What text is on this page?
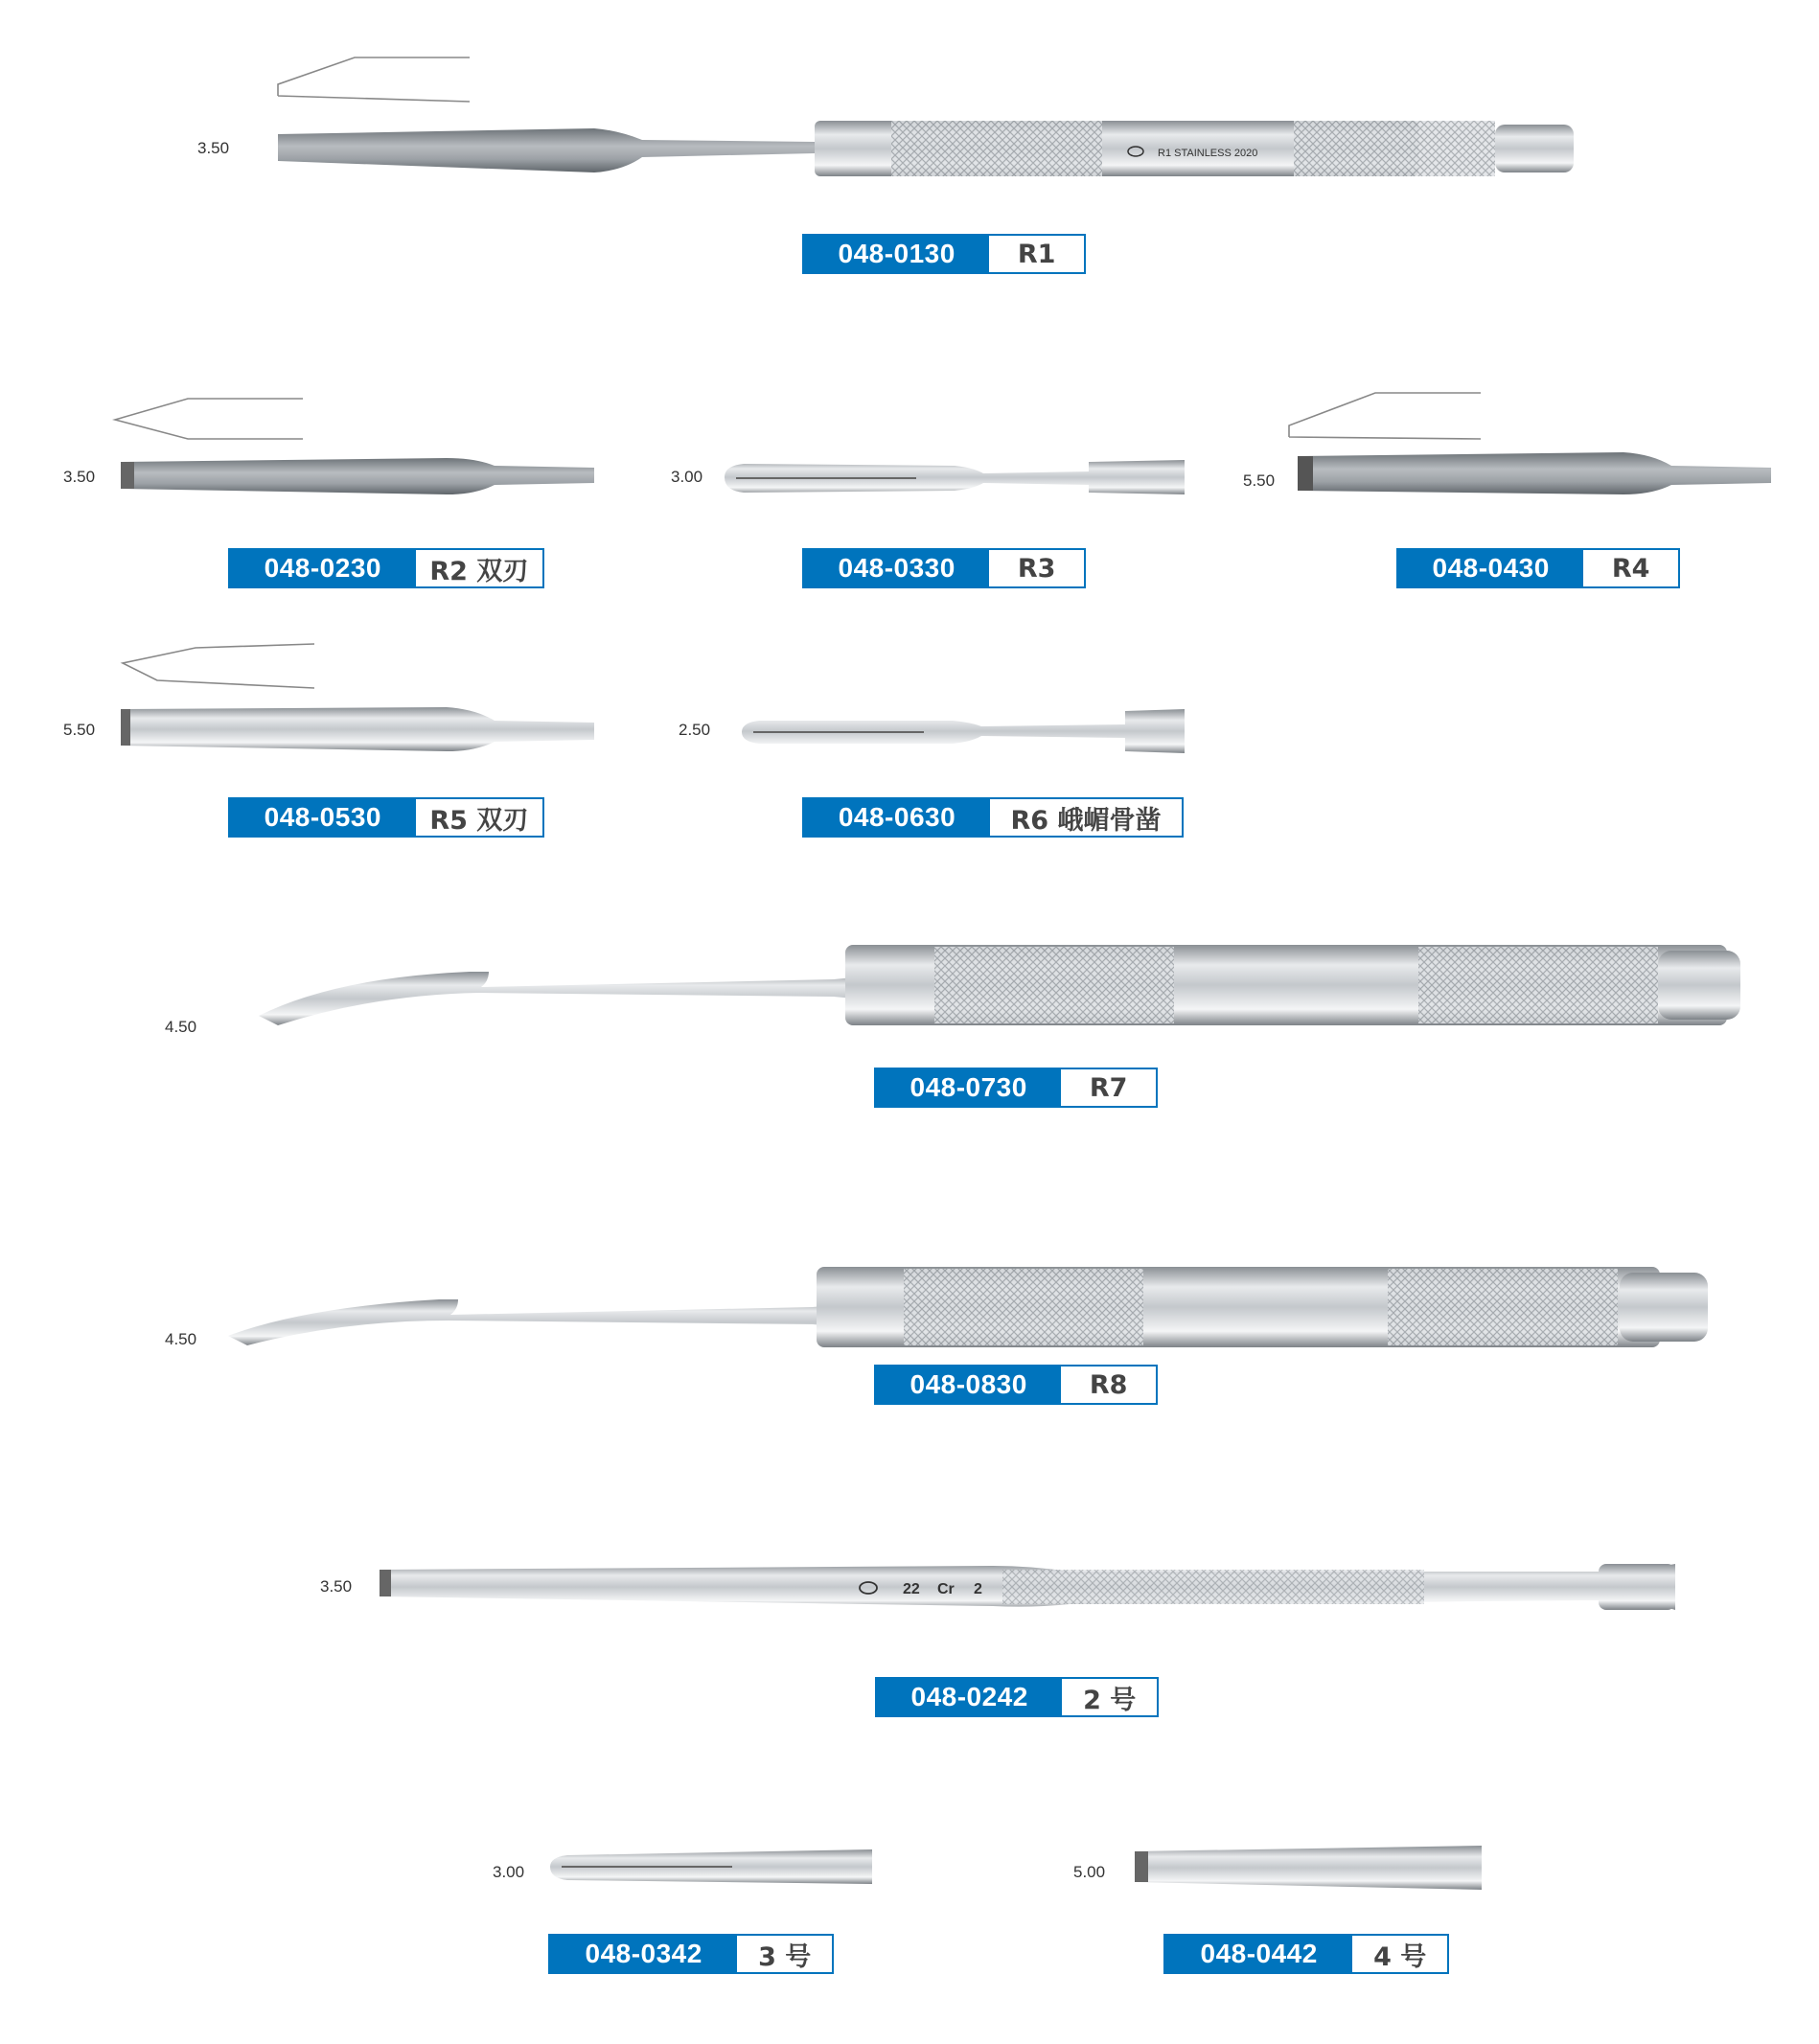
3.50	R1 STAINLESS 2020
048-0130	R1
3.50
048-0230	R2 双刃
3.00
048-0330	R3
5.50
048-0430	R4
5.50
048-0530	R5 双刃
2.50
048-0630	R6 峨嵋骨凿
4.50
048-0730	R7
4.50
048-0830	R8
3.50	22 Cr 2
048-0242	2 号
3.00
048-0342	3 号
5.00
048-0442	4 号
